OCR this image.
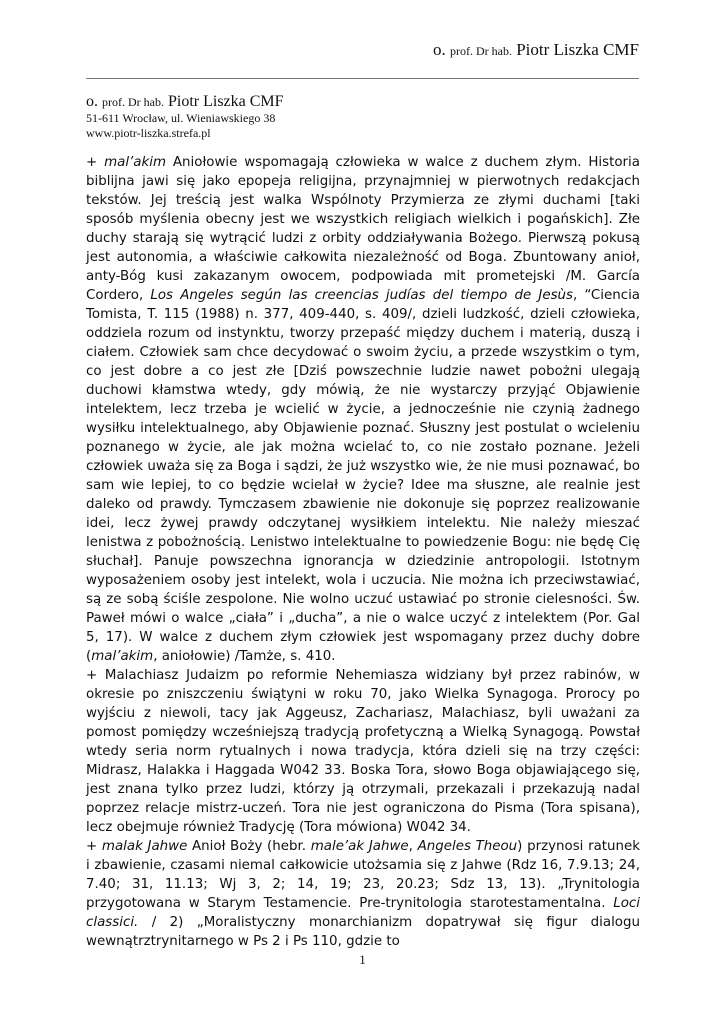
o. prof. Dr hab. Piotr Liszka CMF
o. prof. Dr hab. Piotr Liszka CMF
51-611 Wrocław, ul. Wieniawskiego 38
www.piotr-liszka.strefa.pl

+ mal’akim Aniołowie wspomagają człowieka w walce z duchem złym. Historia biblijna jawi się jako epopeja religijna, przynajmniej w pierwotnych redakcjach tekstów. Jej treścią jest walka Wspólnoty Przymierza ze złymi duchami [taki sposób myślenia obecny jest we wszystkich religiach wielkich i pogańskich]. Złe duchy starają się wytrącić ludzi z orbity oddziaływania Bożego. Pierwszą pokusą jest autonomia, a właściwie całkowita niezależność od Boga. Zbuntowany anioł, anty-Bóg kusi zakazanym owocem, podpowiada mit prometejski /M. García Cordero, Los Angeles según las creencias judías del tiempo de Jesùs, “Ciencia Tomista, T. 115 (1988) n. 377, 409-440, s. 409/, dzieli ludzkość, dzieli człowieka, oddziela rozum od instynktu, tworzy przepaść między duchem i materią, duszą i ciałem. Człowiek sam chce decydować o swoim życiu, a przede wszystkim o tym, co jest dobre a co jest złe [Dziś powszechnie ludzie nawet pobożni ulegają duchowi kłamstwa wtedy, gdy mówią, że nie wystarczy przyjąć Objawienie intelektem, lecz trzeba je wcielić w życie, a jednocześnie nie czynią żadnego wysiłku intelektualnego, aby Objawienie poznać. Słuszny jest postulat o wcieleniu poznanego w życie, ale jak można wcielać to, co nie zostało poznane. Jeżeli człowiek uważa się za Boga i sądzi, że już wszystko wie, że nie musi poznawać, bo sam wie lepiej, to co będzie wcielał w życie? Idee ma słuszne, ale realnie jest daleko od prawdy. Tymczasem zbawienie nie dokonuje się poprzez realizowanie idei, lecz żywej prawdy odczytanej wysiłkiem intelektu. Nie należy mieszać lenistwa z pobożnością. Lenistwo intelektualne to powiedzenie Bogu: nie będę Cię słuchał]. Panuje powszechna ignorancja w dziedzinie antropologii. Istotnym wyposażeniem osoby jest intelekt, wola i uczucia. Nie można ich przeciwstawiać, są ze sobą ściśle zespolone. Nie wolno uczuć ustawiać po stronie cielesności. Św. Paweł mówi o walce „ciała” i „ducha”, a nie o walce uczyć z intelektem (Por. Gal 5, 17). W walce z duchem złym człowiek jest wspomagany przez duchy dobre (mal’akim, aniołowie) /Tamże, s. 410.

+ Malachiasz Judaizm po reformie Nehemiasza widziany był przez rabinów, w okresie po zniszczeniu świątyni w roku 70, jako Wielka Synagoga. Prorocy po wyjściu z niewoli, tacy jak Aggeusz, Zachariasz, Malachiasz, byli uważani za pomost pomiędzy wcześniejszą tradycją profetyczną a Wielką Synagogą. Powstał wtedy seria norm rytualnych i nowa tradycja, która dzieli się na trzy części: Midrasz, Halakka i Haggada W042 33. Boska Tora, słowo Boga objawiającego się, jest znana tylko przez ludzi, którzy ją otrzymali, przekazali i przekazują nadal poprzez relacje mistrz-uczeń. Tora nie jest ograniczona do Pisma (Tora spisana), lecz obejmuje również Tradycję (Tora mówiona) W042 34.

+ malak Jahwe Anioł Boży (hebr. male’ak Jahwe, Angeles Theou) przynosi ratunek i zbawienie, czasami niemal całkowicie utożsamia się z Jahwe (Rdz 16, 7.9.13; 24, 7.40; 31, 11.13; Wj 3, 2; 14, 19; 23, 20.23; Sdz 13, 13). „Trynitologia przygotowana w Starym Testamencie. Pre-trynitologia starotestamentalna. Loci classici. / 2) „Moralistyczny monarchianizm dopatrywał się figur dialogu wewnątrztrynitarnego w Ps 2 i Ps 110, gdzie to

1
